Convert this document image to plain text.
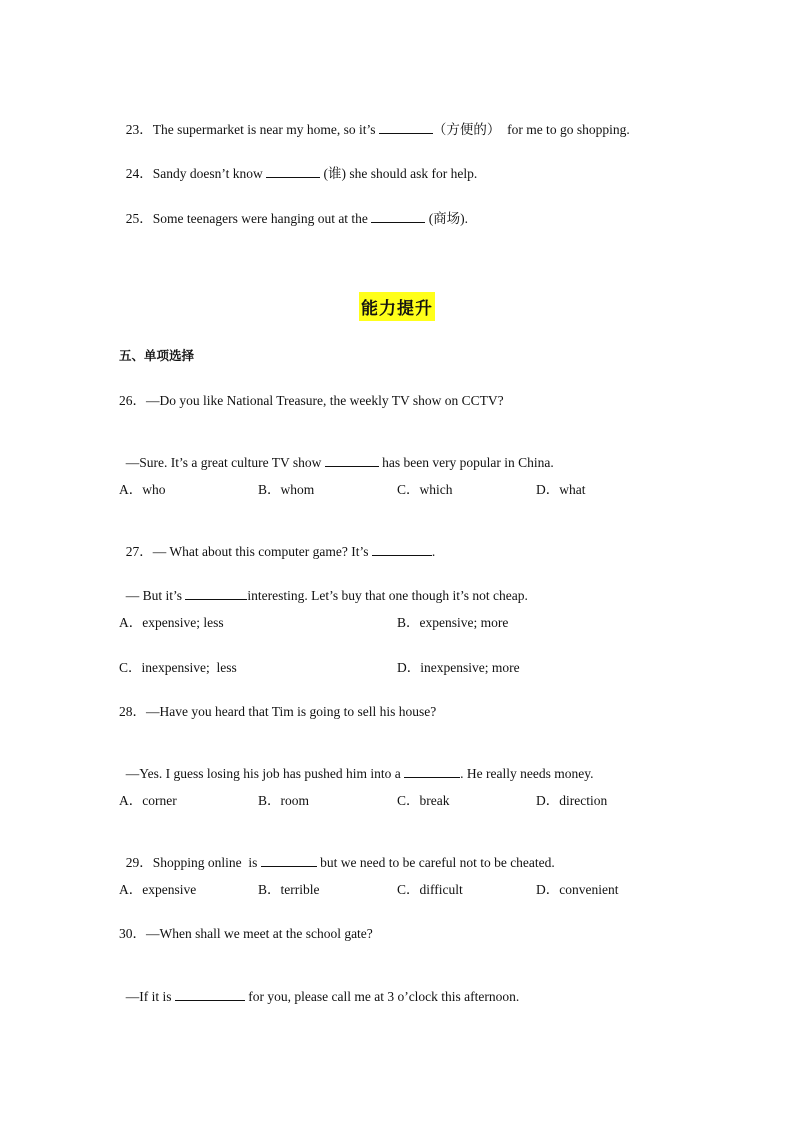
23．The supermarket is near my home, so it’s	（方便的）  for me to go shopping.

24．Sandy doesn’t know	(谁) she should ask for help.

25．Some teenagers were hanging out at the	(商场).

能力提升
五、单项选择
26．—Do you like National Treasure, the weekly TV show on CCTV?

—Sure. It’s a great culture TV show	has been very popular in China.

A．who	B．whom	C．which	D．what

27．— What about this computer game? It’s	.

— But it’s	interesting. Let’s buy that one though it’s not cheap.

A．expensive; less	B．expensive; more
C．inexpensive;  less	D．inexpensive; more
28．—Have you heard that Tim is going to sell his house?

—Yes. I guess losing his job has pushed him into a	. He really needs money.

A．corner	B．room	C．break	D．direction

29．Shopping online  is	but we need to be careful not to be cheated.

A．expensive	B．terrible	C．difficult	D．convenient
30．—When shall we meet at the school gate?

—If it is	for you, please call me at 3 o’clock this afternoon.
